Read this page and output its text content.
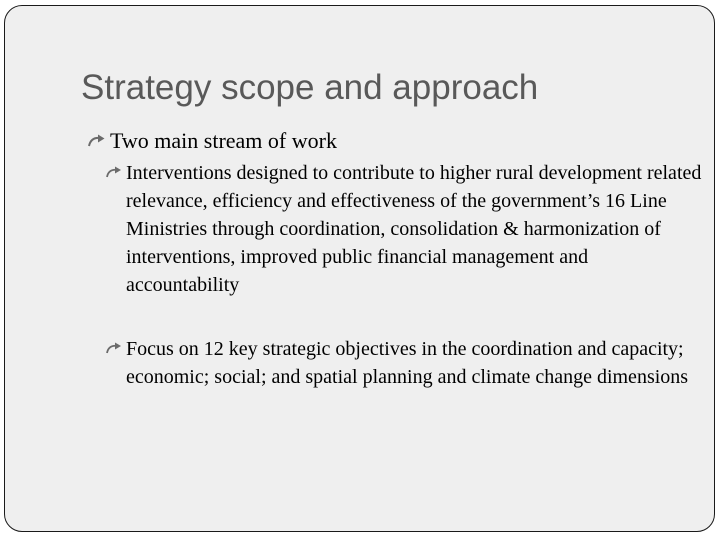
Strategy scope and approach
Two main stream of work
Interventions designed to contribute to higher rural development related relevance, efficiency and effectiveness of the government’s 16 Line Ministries through coordination, consolidation & harmonization of interventions, improved public financial management and accountability
Focus on 12 key strategic objectives in the coordination and capacity; economic; social; and spatial planning and climate change dimensions
